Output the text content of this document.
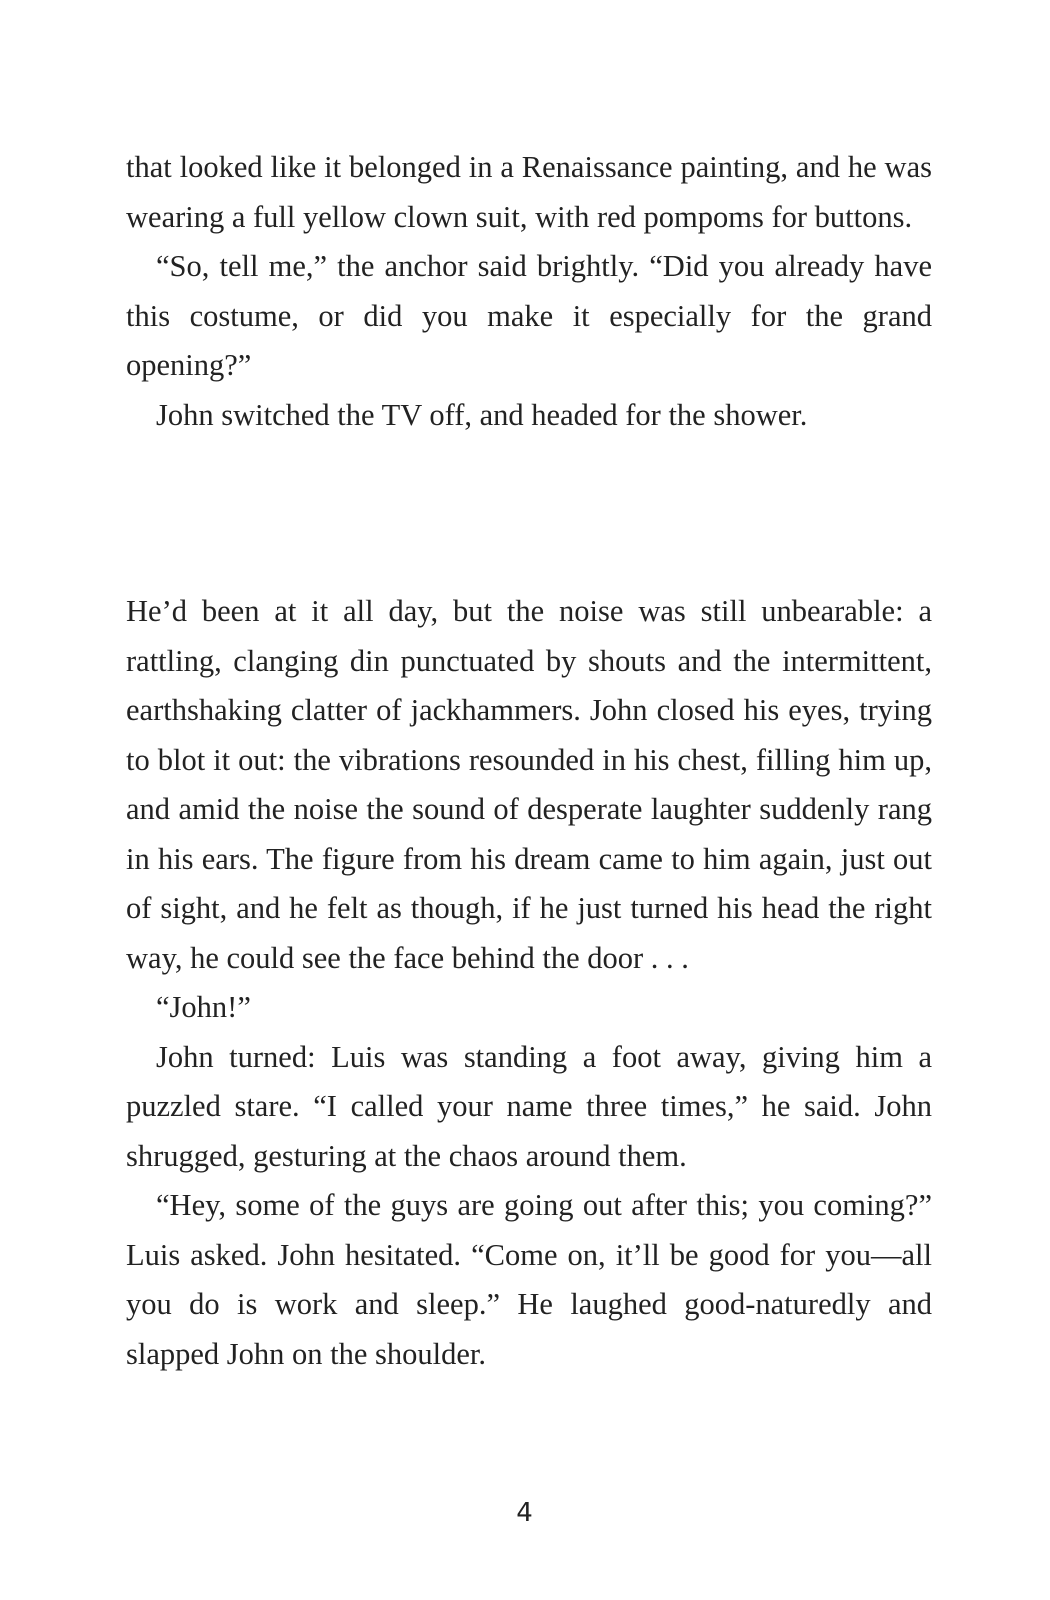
that looked like it belonged in a Renaissance painting, and he was wearing a full yellow clown suit, with red pompoms for buttons.

“So, tell me,” the anchor said brightly. “Did you already have this costume, or did you make it especially for the grand opening?”

John switched the TV off, and headed for the shower.

He’d been at it all day, but the noise was still unbearable: a rattling, clanging din punctuated by shouts and the intermittent, earthshaking clatter of jackhammers. John closed his eyes, trying to blot it out: the vibrations resounded in his chest, filling him up, and amid the noise the sound of desperate laughter suddenly rang in his ears. The figure from his dream came to him again, just out of sight, and he felt as though, if he just turned his head the right way, he could see the face behind the door . . .

“John!”

John turned: Luis was standing a foot away, giving him a puzzled stare. “I called your name three times,” he said. John shrugged, gesturing at the chaos around them.

“Hey, some of the guys are going out after this; you coming?” Luis asked. John hesitated. “Come on, it’ll be good for you—all you do is work and sleep.” He laughed good-naturedly and slapped John on the shoulder.

4
